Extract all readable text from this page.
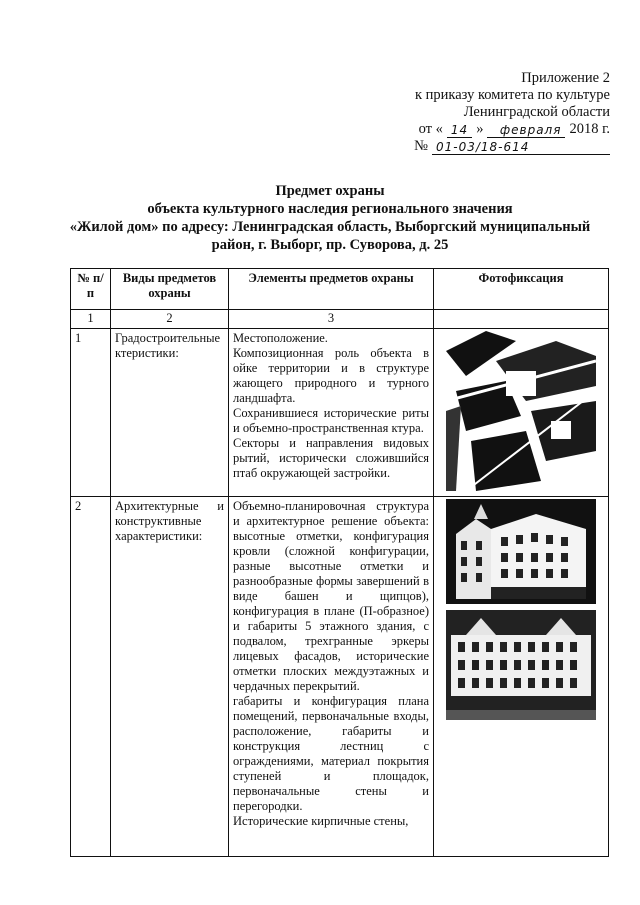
Приложение 2
к приказу комитета по культуре
Ленинградской области
от « 14 »	февраля 2018 г.
№ 01-03/18-614
Предмет охраны
объекта культурного наследия регионального значения
«Жилой дом» по адресу: Ленинградская область, Выборгский муниципальный
район, г. Выборг, пр. Суворова, д. 25
№ п/п	Виды предметов охраны	Элементы предметов охраны	Фотофиксация
1	2	3	
1	Градостроительные ктеристики:	Местоположение.
Композиционная роль объекта в ойке территории и в структуре жающего природного и турного ландшафта.
Сохранившиеся исторические риты и объемно-пространственная ктура.
Секторы и направления видовых рытий, исторически сложившийся птаб окружающей застройки.

2	Архитектурные и конструктивные характеристики:	Объемно-планировочная структура и архитектурное решение объекта: высотные отметки, конфигурация кровли (сложной конфигурации, разные высотные отметки и разнообразные формы завершений в виде башен и щипцов), конфигурация в плане (П-образное) и габариты 5 этажного здания, с подвалом, трехгранные эркеры лицевых фасадов, исторические отметки плоских междуэтажных и чердачных перекрытий.
габариты и конфигурация плана помещений, первоначальные входы, расположение, габариты и конструкция лестниц с ограждениями, материал покрытия ступеней и площадок, первоначальные стены и перегородки.
Исторические кирпичные стены,
